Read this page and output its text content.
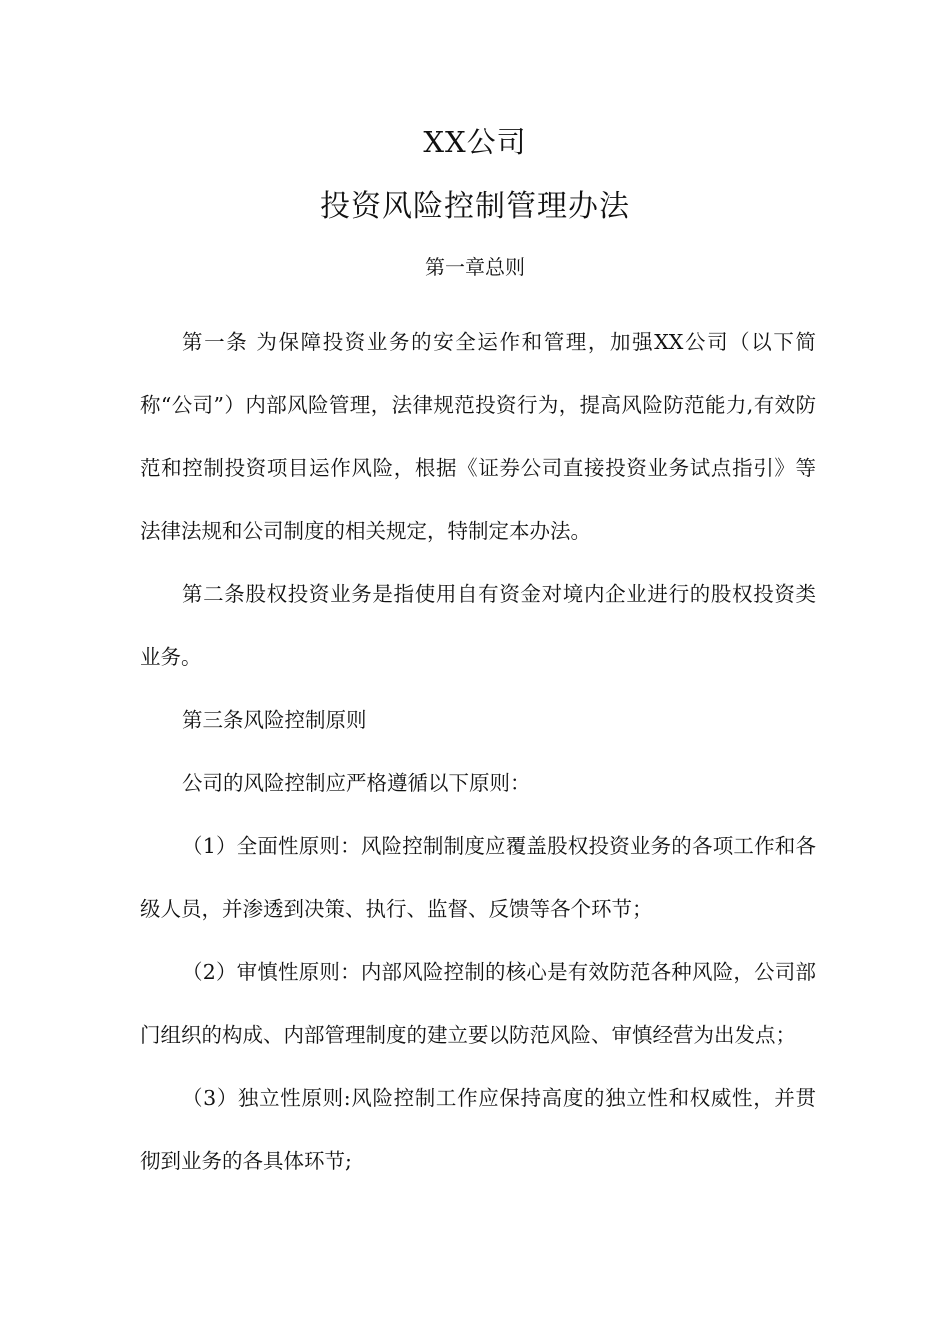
XX公司
投资风险控制管理办法
第一章总则

第一条 为保障投资业务的安全运作和管理，加强XX公司（以下简称“公司”）内部风险管理，法律规范投资行为，提高风险防范能力,有效防范和控制投资项目运作风险，根据《证券公司直接投资业务试点指引》等法律法规和公司制度的相关规定，特制定本办法。

第二条股权投资业务是指使用自有资金对境内企业进行的股权投资类业务。

第三条风险控制原则

公司的风险控制应严格遵循以下原则：

（1）全面性原则：风险控制制度应覆盖股权投资业务的各项工作和各级人员，并渗透到决策、执行、监督、反馈等各个环节；

（2）审慎性原则：内部风险控制的核心是有效防范各种风险，公司部门组织的构成、内部管理制度的建立要以防范风险、审慎经营为出发点；

（3）独立性原则:风险控制工作应保持高度的独立性和权威性，并贯彻到业务的各具体环节;
